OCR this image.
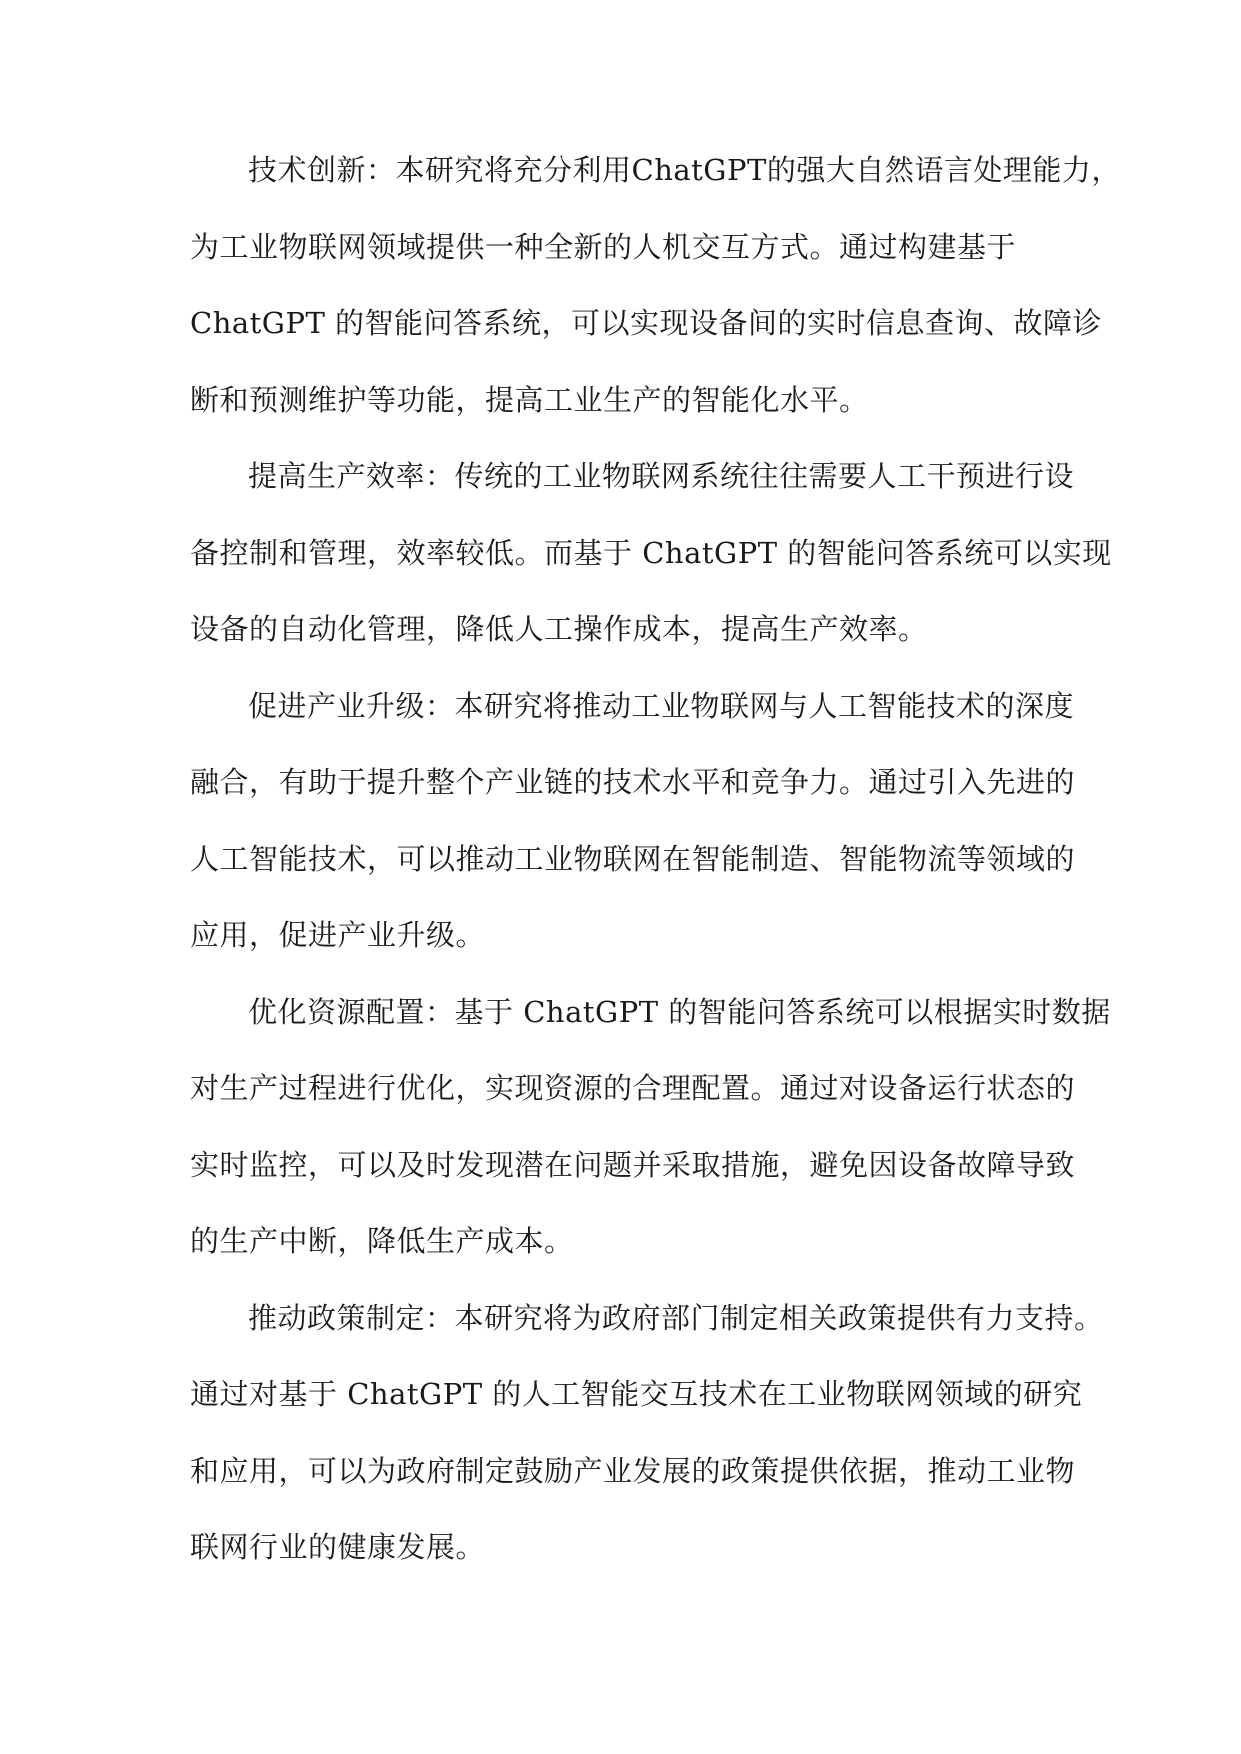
技术创新：本研究将充分利用ChatGPT的强大自然语言处理能力，
为工业物联网领域提供一种全新的人机交互方式。通过构建基于
ChatGPT 的智能问答系统，可以实现设备间的实时信息查询、故障诊
断和预测维护等功能，提高工业生产的智能化水平。
提高生产效率：传统的工业物联网系统往往需要人工干预进行设
备控制和管理，效率较低。而基于 ChatGPT 的智能问答系统可以实现
设备的自动化管理，降低人工操作成本，提高生产效率。
促进产业升级：本研究将推动工业物联网与人工智能技术的深度
融合，有助于提升整个产业链的技术水平和竞争力。通过引入先进的
人工智能技术，可以推动工业物联网在智能制造、智能物流等领域的
应用，促进产业升级。
优化资源配置：基于 ChatGPT 的智能问答系统可以根据实时数据
对生产过程进行优化，实现资源的合理配置。通过对设备运行状态的
实时监控，可以及时发现潜在问题并采取措施，避免因设备故障导致
的生产中断，降低生产成本。
推动政策制定：本研究将为政府部门制定相关政策提供有力支持。
通过对基于 ChatGPT 的人工智能交互技术在工业物联网领域的研究
和应用，可以为政府制定鼓励产业发展的政策提供依据，推动工业物
联网行业的健康发展。
